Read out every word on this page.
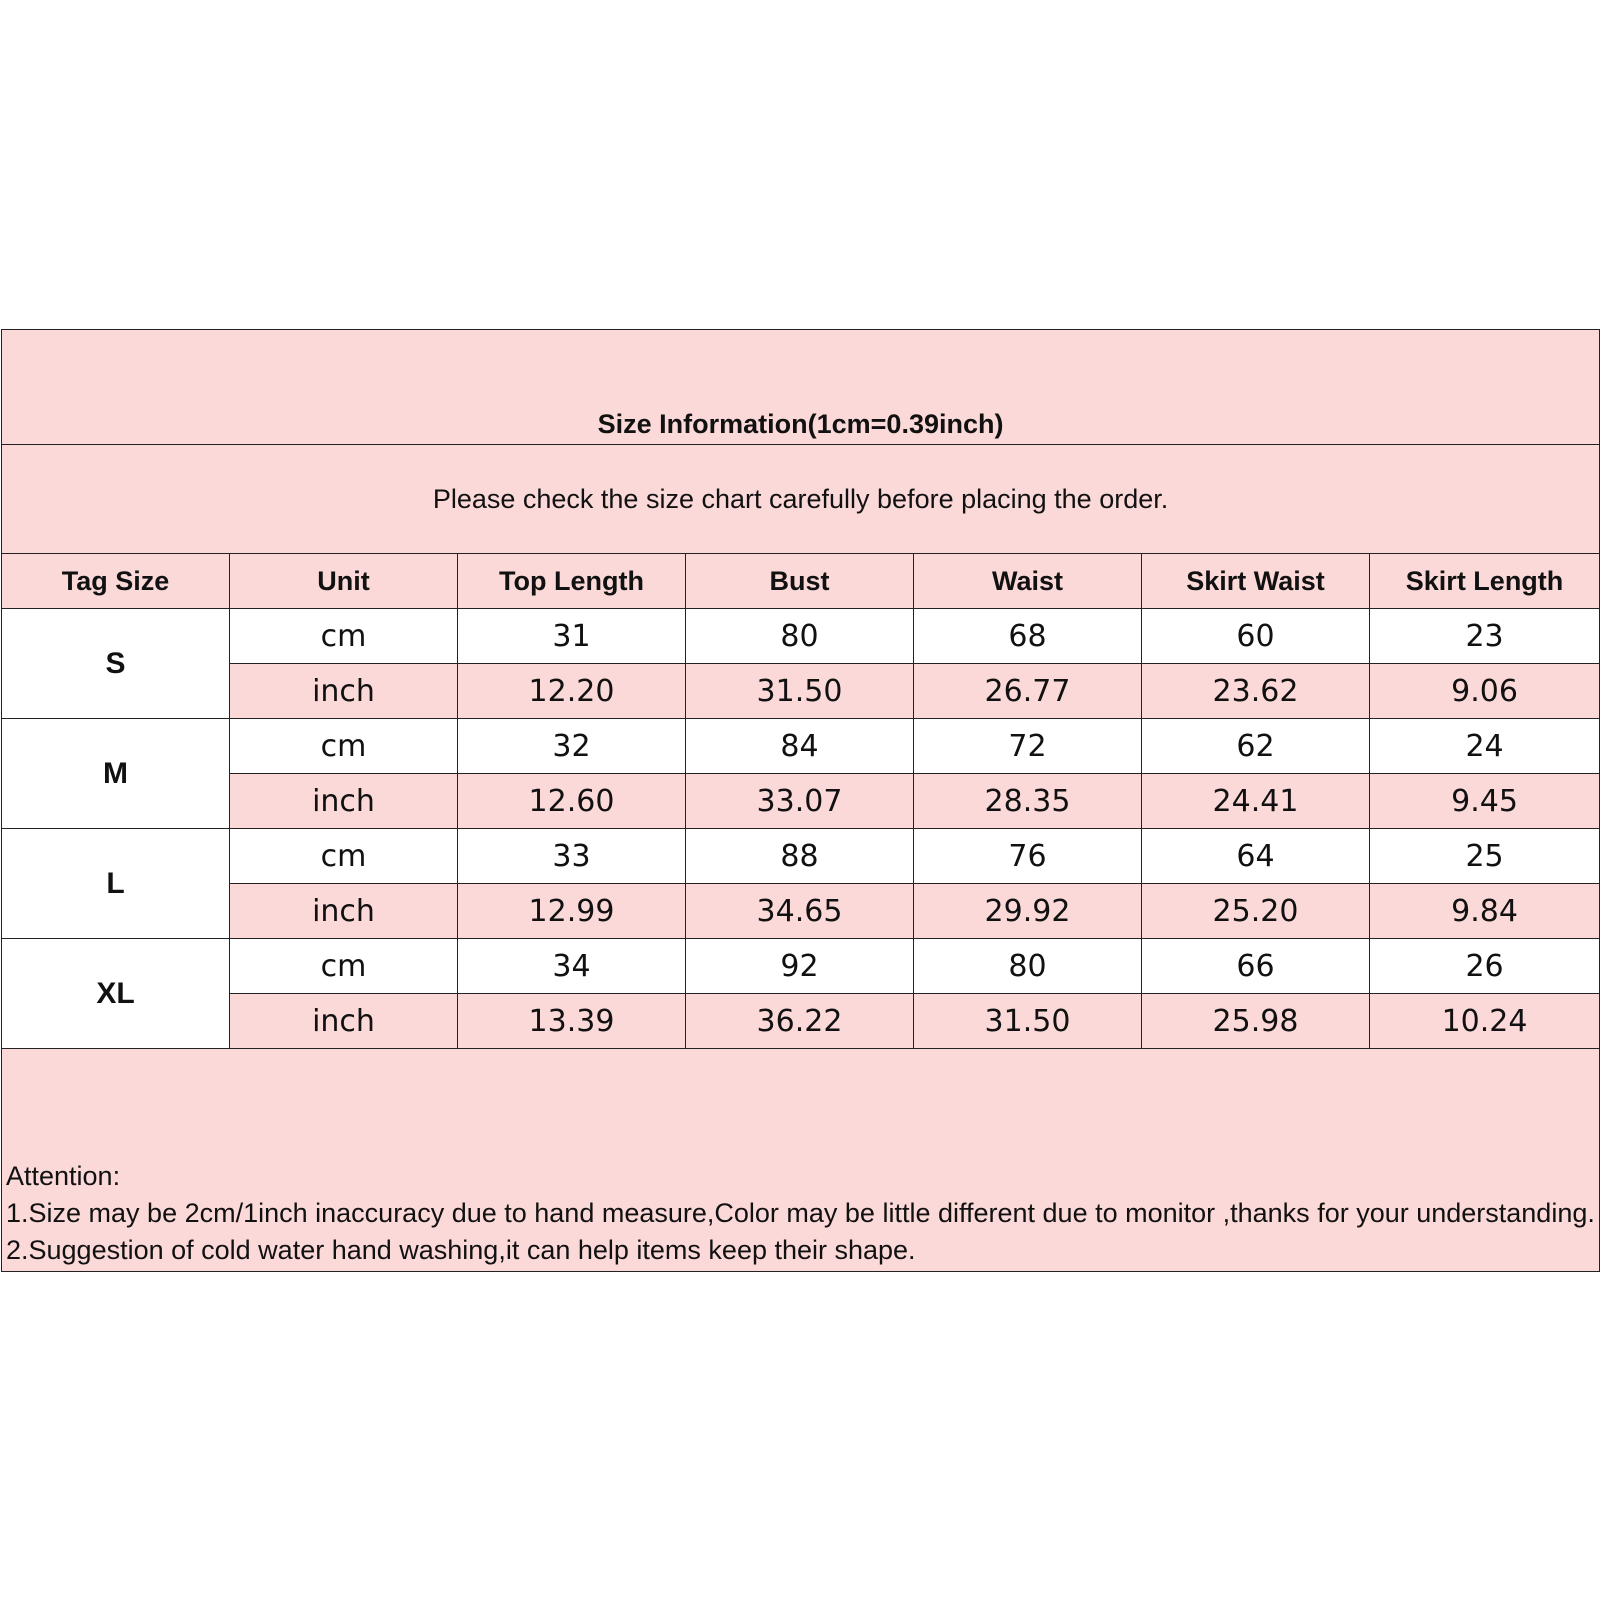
Size Information(1cm=0.39inch)						
Please check the size chart carefully before placing the order.						
Tag Size	Unit	Top Length	Bust	Waist	Skirt Waist	Skirt Length
S	cm	31	80	68	60	23
	inch	12.20	31.50	26.77	23.62	9.06
M	cm	32	84	72	62	24
	inch	12.60	33.07	28.35	24.41	9.45
L	cm	33	88	76	64	25
	inch	12.99	34.65	29.92	25.20	9.84
XL	cm	34	92	80	66	26
	inch	13.39	36.22	31.50	25.98	10.24

Attention:
1.Size may be 2cm/1inch inaccuracy due to hand measure,Color may be little different due to monitor ,thanks for your understanding.
2.Suggestion of cold water hand washing,it can help items keep their shape.						
